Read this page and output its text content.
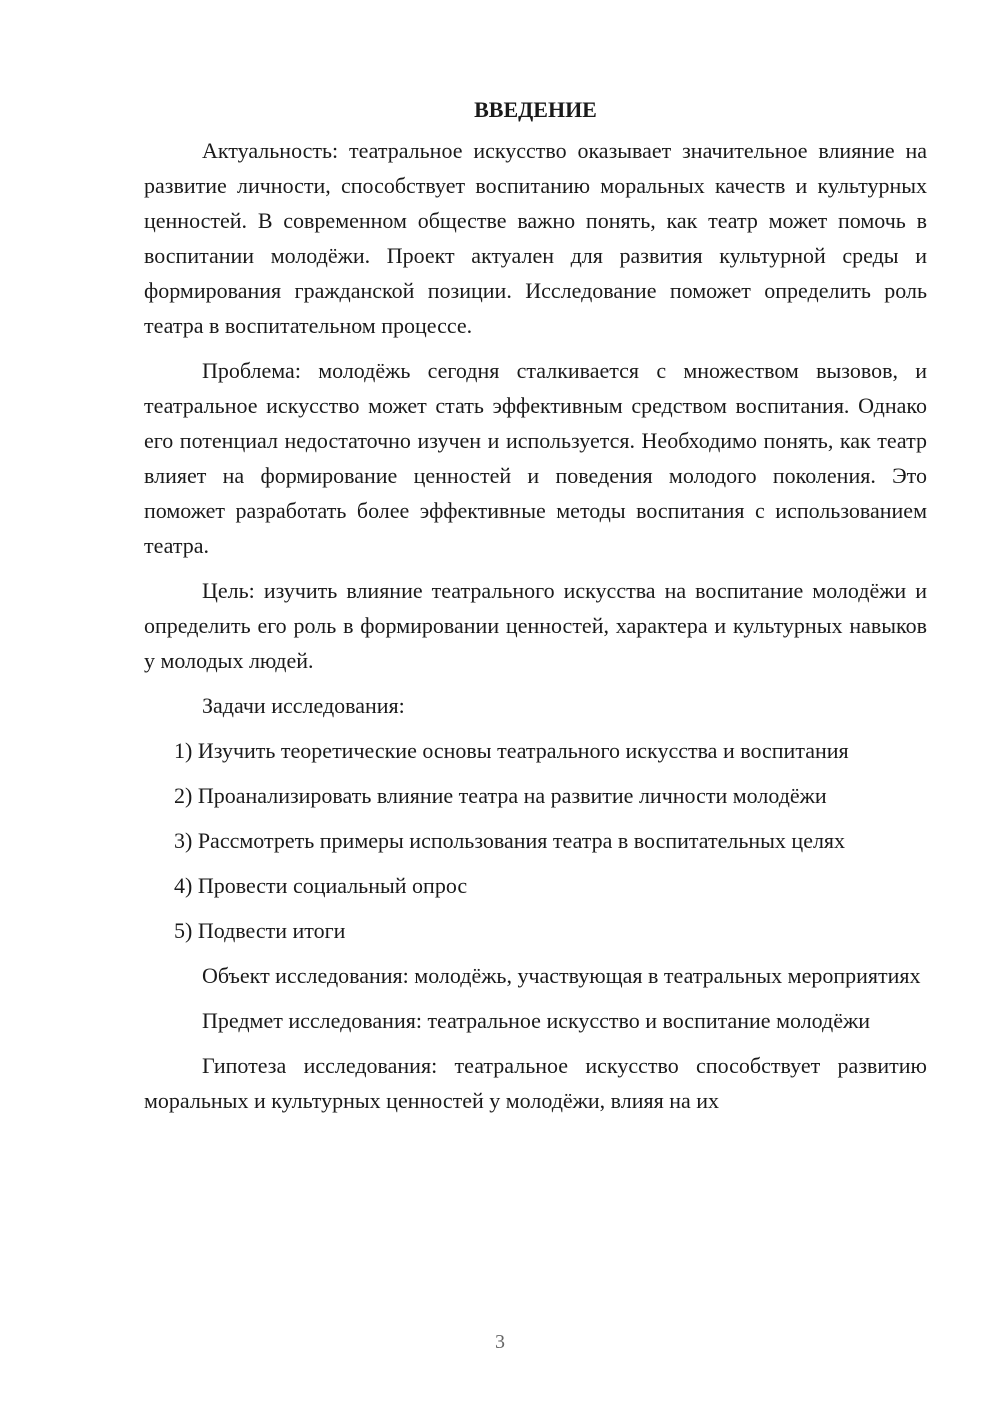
ВВЕДЕНИЕ

Актуальность: театральное искусство оказывает значительное влияние на развитие личности, способствует воспитанию моральных качеств и культурных ценностей. В современном обществе важно понять, как театр может помочь в воспитании молодёжи. Проект актуален для развития культурной среды и формирования гражданской позиции. Исследование поможет определить роль театра в воспитательном процессе.

Проблема: молодёжь сегодня сталкивается с множеством вызовов, и театральное искусство может стать эффективным средством воспитания. Однако его потенциал недостаточно изучен и используется. Необходимо понять, как театр влияет на формирование ценностей и поведения молодого поколения. Это поможет разработать более эффективные методы воспитания с использованием театра.

Цель: изучить влияние театрального искусства на воспитание молодёжи и определить его роль в формировании ценностей, характера и культурных навыков у молодых людей.

Задачи исследования:

1) Изучить теоретические основы театрального искусства и воспитания

2) Проанализировать влияние театра на развитие личности молодёжи

3) Рассмотреть примеры использования театра в воспитательных целях

4) Провести социальный опрос

5) Подвести итоги

Объект исследования: молодёжь, участвующая в театральных мероприятиях

Предмет исследования: театральное искусство и воспитание молодёжи

Гипотеза исследования: театральное искусство способствует развитию моральных и культурных ценностей у молодёжи, влияя на их

3
